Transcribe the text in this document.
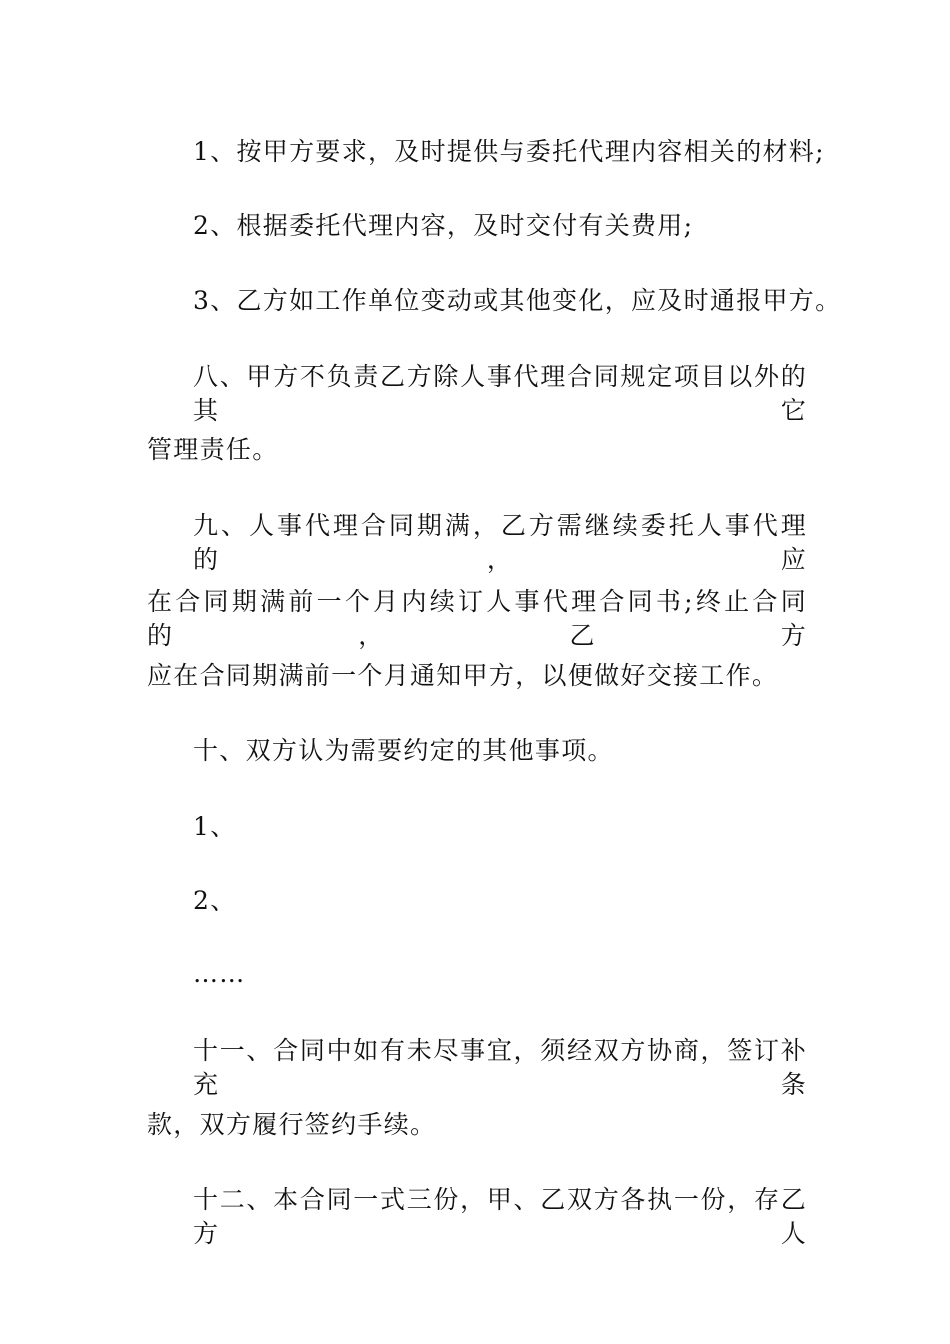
1、按甲方要求，及时提供与委托代理内容相关的材料;

2、根据委托代理内容，及时交付有关费用;

3、乙方如工作单位变动或其他变化，应及时通报甲方。

八、甲方不负责乙方除人事代理合同规定项目以外的其它

管理责任。

九、人事代理合同期满，乙方需继续委托人事代理的，应

在合同期满前一个月内续订人事代理合同书;终止合同的，乙方

应在合同期满前一个月通知甲方，以便做好交接工作。

十、双方认为需要约定的其他事项。

1、

2、

……

十一、合同中如有未尽事宜，须经双方协商，签订补充条

款，双方履行签约手续。

十二、本合同一式三份，甲、乙双方各执一份，存乙方人
